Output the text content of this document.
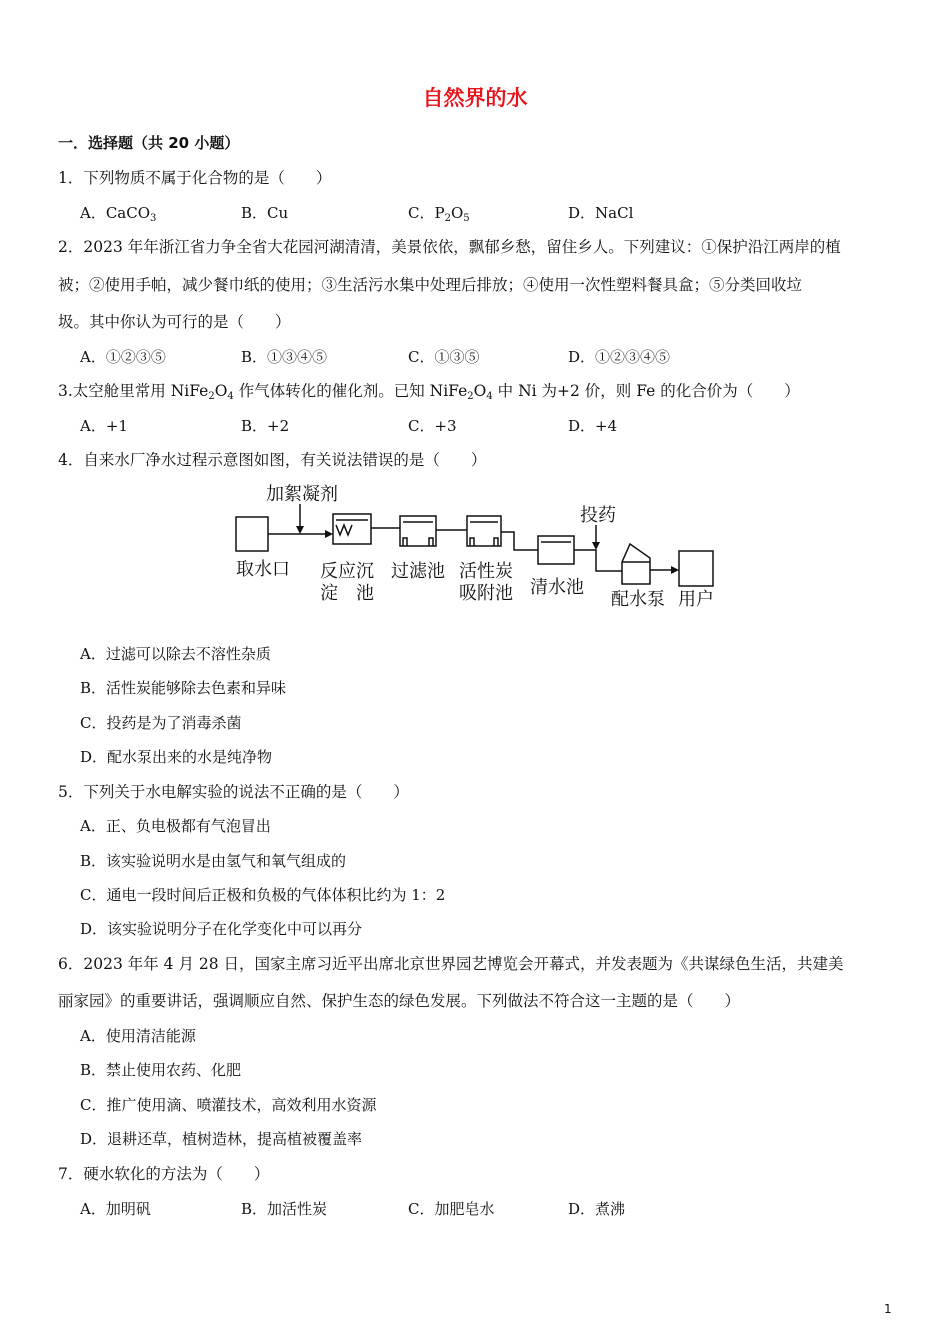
自然界的水
一．选择题（共 20 小题）
1．下列物质不属于化合物的是（　　）
A．CaCO$_3$	B．Cu	C．$P_2O_5$	D．NaCl
2．2023 年年浙江省力争全省大花园河湖清清，美景依依，飘郁乡愁，留住乡人。下列建议：①保护沿江两岸的植
被；②使用手帕，减少餐巾纸的使用；③生活污水集中处理后排放；④使用一次性塑料餐具盒；⑤分类回收垃
圾。其中你认为可行的是（　　）
A．①②③⑤	B．①③④⑤	C．①③⑤	D．①②③④⑤
3.太空舱里常用 $NiFe_2O_4$ 作气体转化的催化剂。已知 $NiFe_2O_4$ 中 Ni 为+2 价，则 Fe 的化合价为（　　）
A．+1	B．+2	C．+3	D．+4
4．自来水厂净水过程示意图如图，有关说法错误的是（　　）
加絮凝剂
投药
取水口 反应沉
淀　池
过滤池 活性炭
吸附池 清水池
配水泵 用户
A．过滤可以除去不溶性杂质
B．活性炭能够除去色素和异味
C．投药是为了消毒杀菌
D．配水泵出来的水是纯净物
5．下列关于水电解实验的说法不正确的是（　　）
A．正、负电极都有气泡冒出
B．该实验说明水是由氢气和氧气组成的
C．通电一段时间后正极和负极的气体体积比约为 1：2
D．该实验说明分子在化学变化中可以再分
6．2023 年年 4 月 28 日，国家主席习近平出席北京世界园艺博览会开幕式，并发表题为《共谋绿色生活，共建美
丽家园》的重要讲话，强调顺应自然、保护生态的绿色发展。下列做法不符合这一主题的是（　　）
A．使用清洁能源
B．禁止使用农药、化肥
C．推广使用滴、喷灌技术，高效利用水资源
D．退耕还草，植树造林，提高植被覆盖率
7．硬水软化的方法为（　　）
A．加明矾	B．加活性炭	C．加肥皂水	D．煮沸
1
